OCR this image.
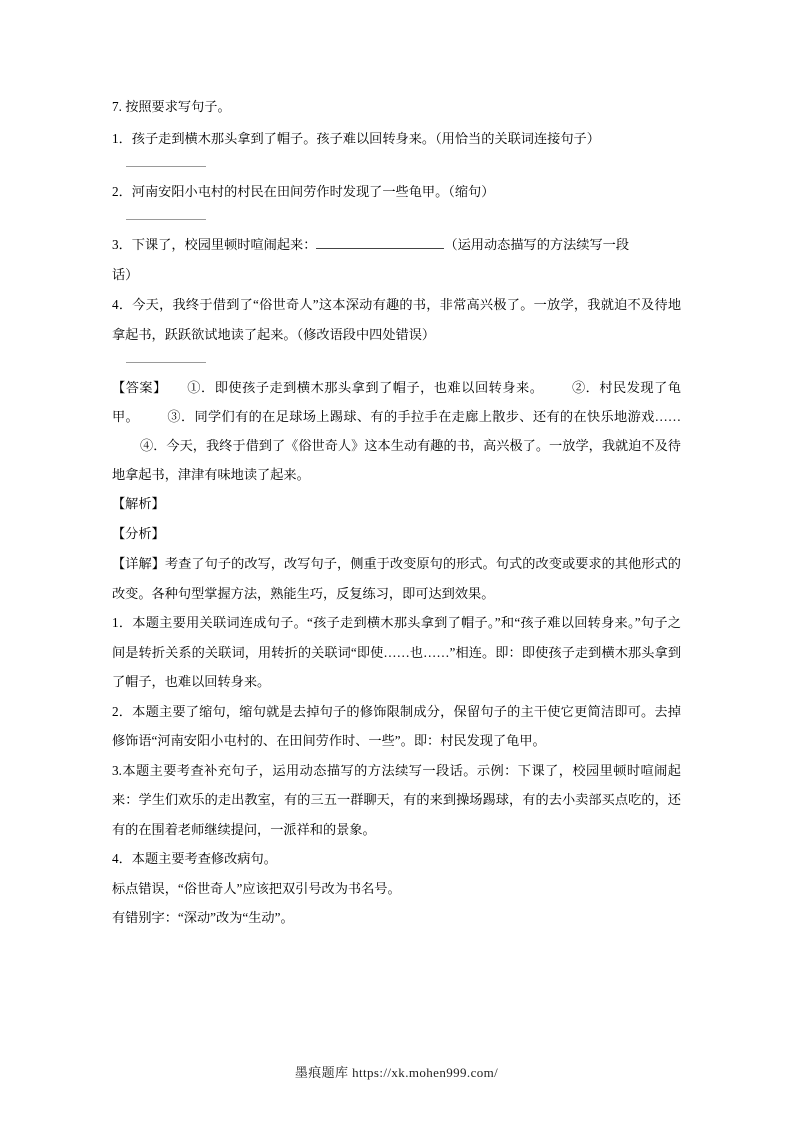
7. 按照要求写句子。
1．孩子走到横木那头拿到了帽子。孩子难以回转身来。（用恰当的关联词连接句子）
2．河南安阳小屯村的村民在田间劳作时发现了一些龟甲。（缩句）
3．下课了，校园里顿时喧闹起来：	（运用动态描写的方法续写一段
话）
4．今天，我终于借到了“俗世奇人”这本深动有趣的书，非常高兴极了。一放学，我就迫不及待地拿起书，跃跃欲试地读了起来。（修改语段中四处错误）
【答案】 ①．即使孩子走到横木那头拿到了帽子，也难以回转身来。 ②．村民发现了龟甲。 ③．同学们有的在足球场上踢球、有的手拉手在走廊上散步、还有的在快乐地游戏……④．今天，我终于借到了《俗世奇人》这本生动有趣的书，高兴极了。一放学，我就迫不及待地拿起书，津津有味地读了起来。
【解析】
【分析】
【详解】考查了句子的改写，改写句子，侧重于改变原句的形式。句式的改变或要求的其他形式的改变。各种句型掌握方法，熟能生巧，反复练习，即可达到效果。
1．本题主要用关联词连成句子。“孩子走到横木那头拿到了帽子。”和“孩子难以回转身来。”句子之间是转折关系的关联词，用转折的关联词“即使……也……”相连。即：即使孩子走到横木那头拿到了帽子，也难以回转身来。
2．本题主要了缩句，缩句就是去掉句子的修饰限制成分，保留句子的主干使它更简洁即可。去掉修饰语“河南安阳小屯村的、在田间劳作时、一些”。即：村民发现了龟甲。
3.本题主要考查补充句子，运用动态描写的方法续写一段话。示例：下课了，校园里顿时喧闹起来：学生们欢乐的走出教室，有的三五一群聊天，有的来到操场踢球，有的去小卖部买点吃的，还有的在围着老师继续提问，一派祥和的景象。
4．本题主要考查修改病句。
标点错误，“俗世奇人”应该把双引号改为书名号。
有错别字：“深动”改为“生动”。
墨痕题库 https://xk.mohen999.com/
